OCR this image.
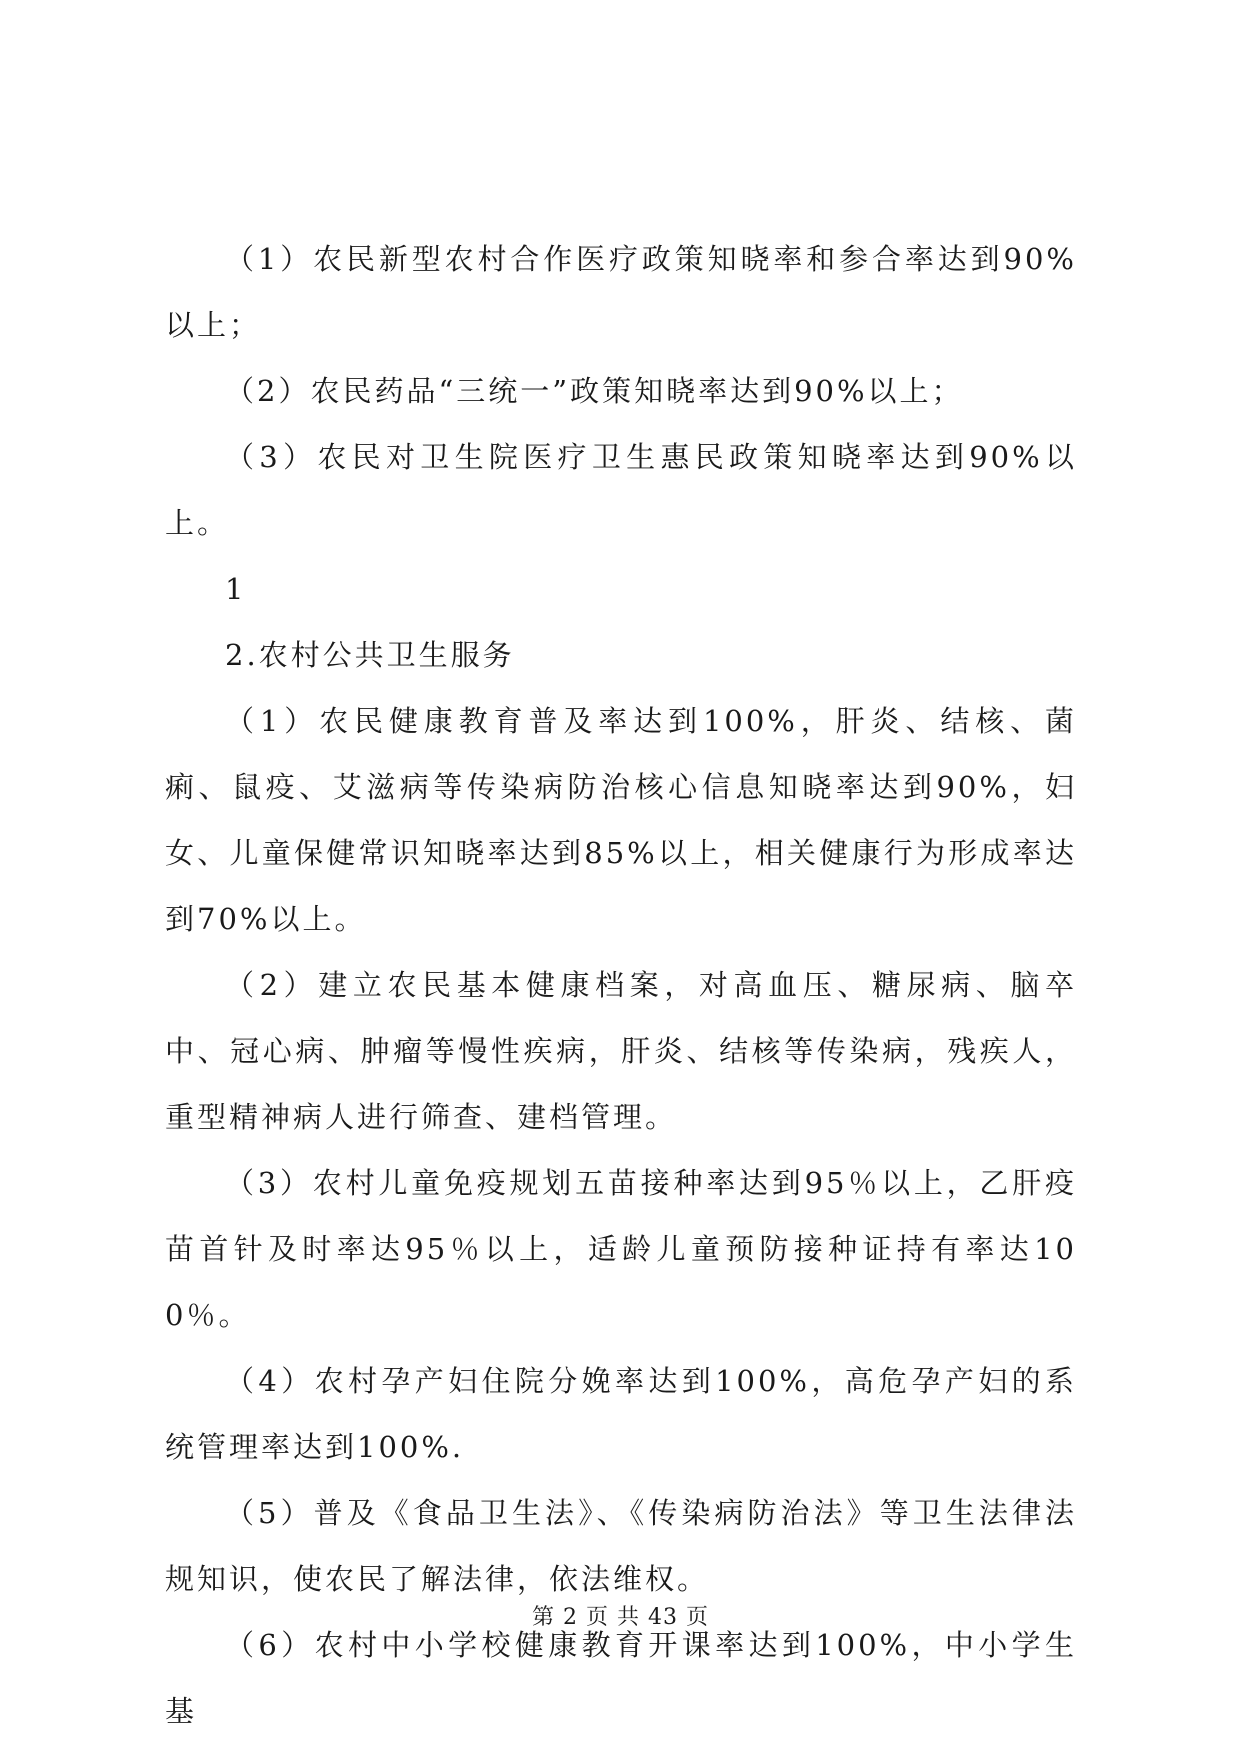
（1）农民新型农村合作医疗政策知晓率和参合率达到90%以上；

（2）农民药品“三统一”政策知晓率达到90%以上；

（3）农民对卫生院医疗卫生惠民政策知晓率达到90%以上。

1

2.农村公共卫生服务

（1）农民健康教育普及率达到100%，肝炎、结核、菌痢、鼠疫、艾滋病等传染病防治核心信息知晓率达到90%，妇女、儿童保健常识知晓率达到85%以上，相关健康行为形成率达到70%以上。

（2）建立农民基本健康档案，对高血压、糖尿病、脑卒中、冠心病、肿瘤等慢性疾病，肝炎、结核等传染病，残疾人，重型精神病人进行筛查、建档管理。

（3）农村儿童免疫规划五苗接种率达到95％以上，乙肝疫苗首针及时率达95％以上，适龄儿童预防接种证持有率达100％。

（4）农村孕产妇住院分娩率达到100%，高危孕产妇的系统管理率达到100%.

（5）普及《食品卫生法》、《传染病防治法》等卫生法律法规知识，使农民了解法律，依法维权。

（6）农村中小学校健康教育开课率达到100%，中小学生基

第 2 页 共 43 页
